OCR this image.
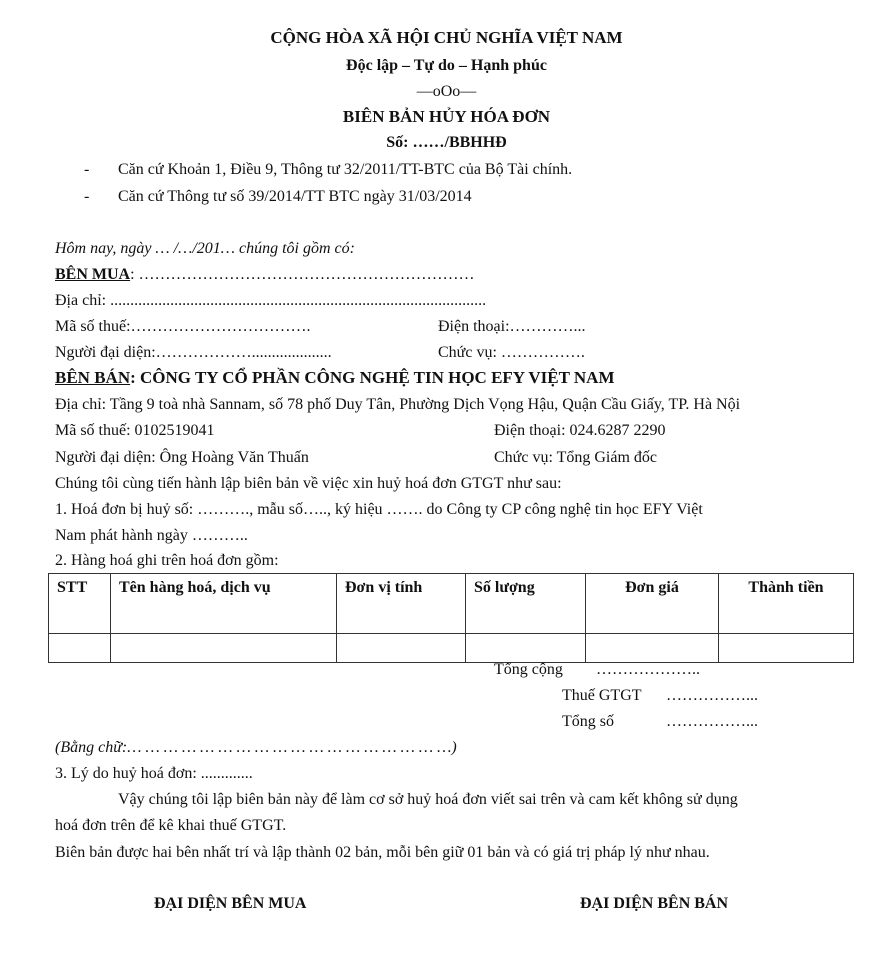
CỘNG HÒA XÃ HỘI CHỦ NGHĨA VIỆT NAM
Độc lập – Tự do – Hạnh phúc
—oOo—
BIÊN BẢN HỦY HÓA ĐƠN
Số: ……/BBHHĐ
- Căn cứ Khoản 1, Điều 9, Thông tư 32/2011/TT-BTC của Bộ Tài chính.
- Căn cứ Thông tư số 39/2014/TT BTC ngày 31/03/2014
Hôm nay, ngày … /…/201… chúng tôi gồm có:
BÊN MUA: ………………………………………………………
Địa chỉ: ..............................................................................................
Mã số thuế:…………………………….	Điện thoại:…………...
Người đại diện:………………....................	Chức vụ: …………….
BÊN BÁN: CÔNG TY CỔ PHẦN CÔNG NGHỆ TIN HỌC EFY VIỆT NAM
Địa chỉ: Tầng 9 toà nhà Sannam, số 78 phố Duy Tân, Phường Dịch Vọng Hậu, Quận Cầu Giấy, TP. Hà Nội
Mã số thuế: 0102519041	Điện thoại: 024.6287 2290
Người đại diện: Ông Hoàng Văn Thuấn	Chức vụ: Tổng Giám đốc
Chúng tôi cùng tiến hành lập biên bản về việc xin huỷ hoá đơn GTGT như sau:
1. Hoá đơn bị huỷ số: ………., mẫu số….., ký hiệu ……. do Công ty CP công nghệ tin học EFY Việt
Nam phát hành ngày ………..
2. Hàng hoá ghi trên hoá đơn gồm:
STT	Tên hàng hoá, dịch vụ	Đơn vị tính	Số lượng	Đơn giá	Thành tiền

Tổng cộng ………………..
Thuế GTGT ……………...
Tổng số	……………...
(Bằng chữ:… … … … … … … … … … … … … … … … … …)
3. Lý do huỷ hoá đơn: .............
Vậy chúng tôi lập biên bản này để làm cơ sở huỷ hoá đơn viết sai trên và cam kết không sử dụng
hoá đơn trên để kê khai thuế GTGT.
Biên bản được hai bên nhất trí và lập thành 02 bản, mỗi bên giữ 01 bản và có giá trị pháp lý như nhau.
ĐẠI DIỆN BÊN MUA	ĐẠI DIỆN BÊN BÁN
